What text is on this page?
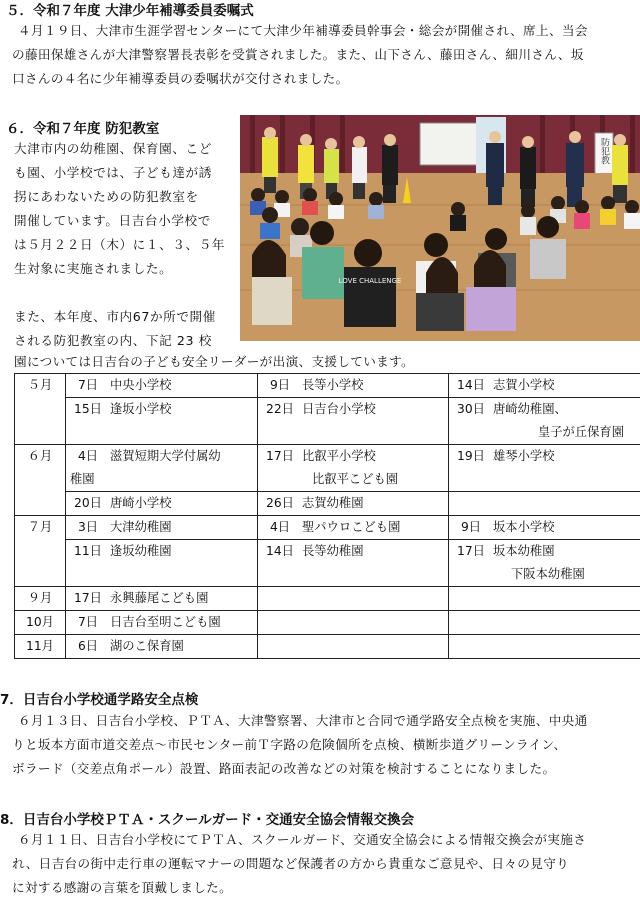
５．令和７年度 大津少年補導委員委嘱式
４月１９日、大津市生涯学習センターにて大津少年補導委員幹事会・総会が開催され、席上、当会
の藤田保雄さんが大津警察署長表彰を受賞されました。また、山下さん、藤田さん、細川さん、坂
口さんの４名に少年補導委員の委嘱状が交付されました。
６．令和７年度 防犯教室
大津市内の幼稚園、保育園、こど
も園、小学校では、子ども達が誘
拐にあわないための防犯教室を
開催しています。日吉台小学校で
は５月２２日（木）に１、３、５年
生対象に実施されました。
また、本年度、市内67か所で開催
される防犯教室の内、下記 23 校
園については日吉台の子ども安全リーダーが出演、支援しています。
防犯教
LOVE CHALLENGE
５月	7日 中央小学校	9日 長等小学校	14日 志賀小学校
	15日 逢坂小学校	22日 日吉台小学校	30日 唐崎幼稚園、
皇子が丘保育園

６月	4日 滋賀短期大学付属幼
稚園	17日 比叡平小学校
比叡平こども園	19日 雄琴小学校
	20日 唐崎小学校	26日 志賀幼稚園	
７月	3日 大津幼稚園	4日 聖パウロこども園	9日 坂本小学校
	11日 逢坂幼稚園	14日 長等幼稚園	17日 坂本幼稚園
下阪本幼稚園

９月	17日 永興藤尾こども園		
10月	7日 日吉台至明こども園		
11月	6日 湖のこ保育園		
7．日吉台小学校通学路安全点検
６月１３日、日吉台小学校、ＰＴＡ、大津警察署、大津市と合同で通学路安全点検を実施、中央通
りと坂本方面市道交差点～市民センター前Ｔ字路の危険個所を点検、横断歩道グリーンライン、
ボラード（交差点角ポール）設置、路面表記の改善などの対策を検討することになりました。
8．日吉台小学校ＰＴＡ・スクールガード・交通安全協会情報交換会
６月１１日、日吉台小学校にてＰＴＡ、スクールガード、交通安全協会による情報交換会が実施さ
れ、日吉台の街中走行車の運転マナーの問題など保護者の方から貴重なご意見や、日々の見守り
に対する感謝の言葉を頂戴しました。
